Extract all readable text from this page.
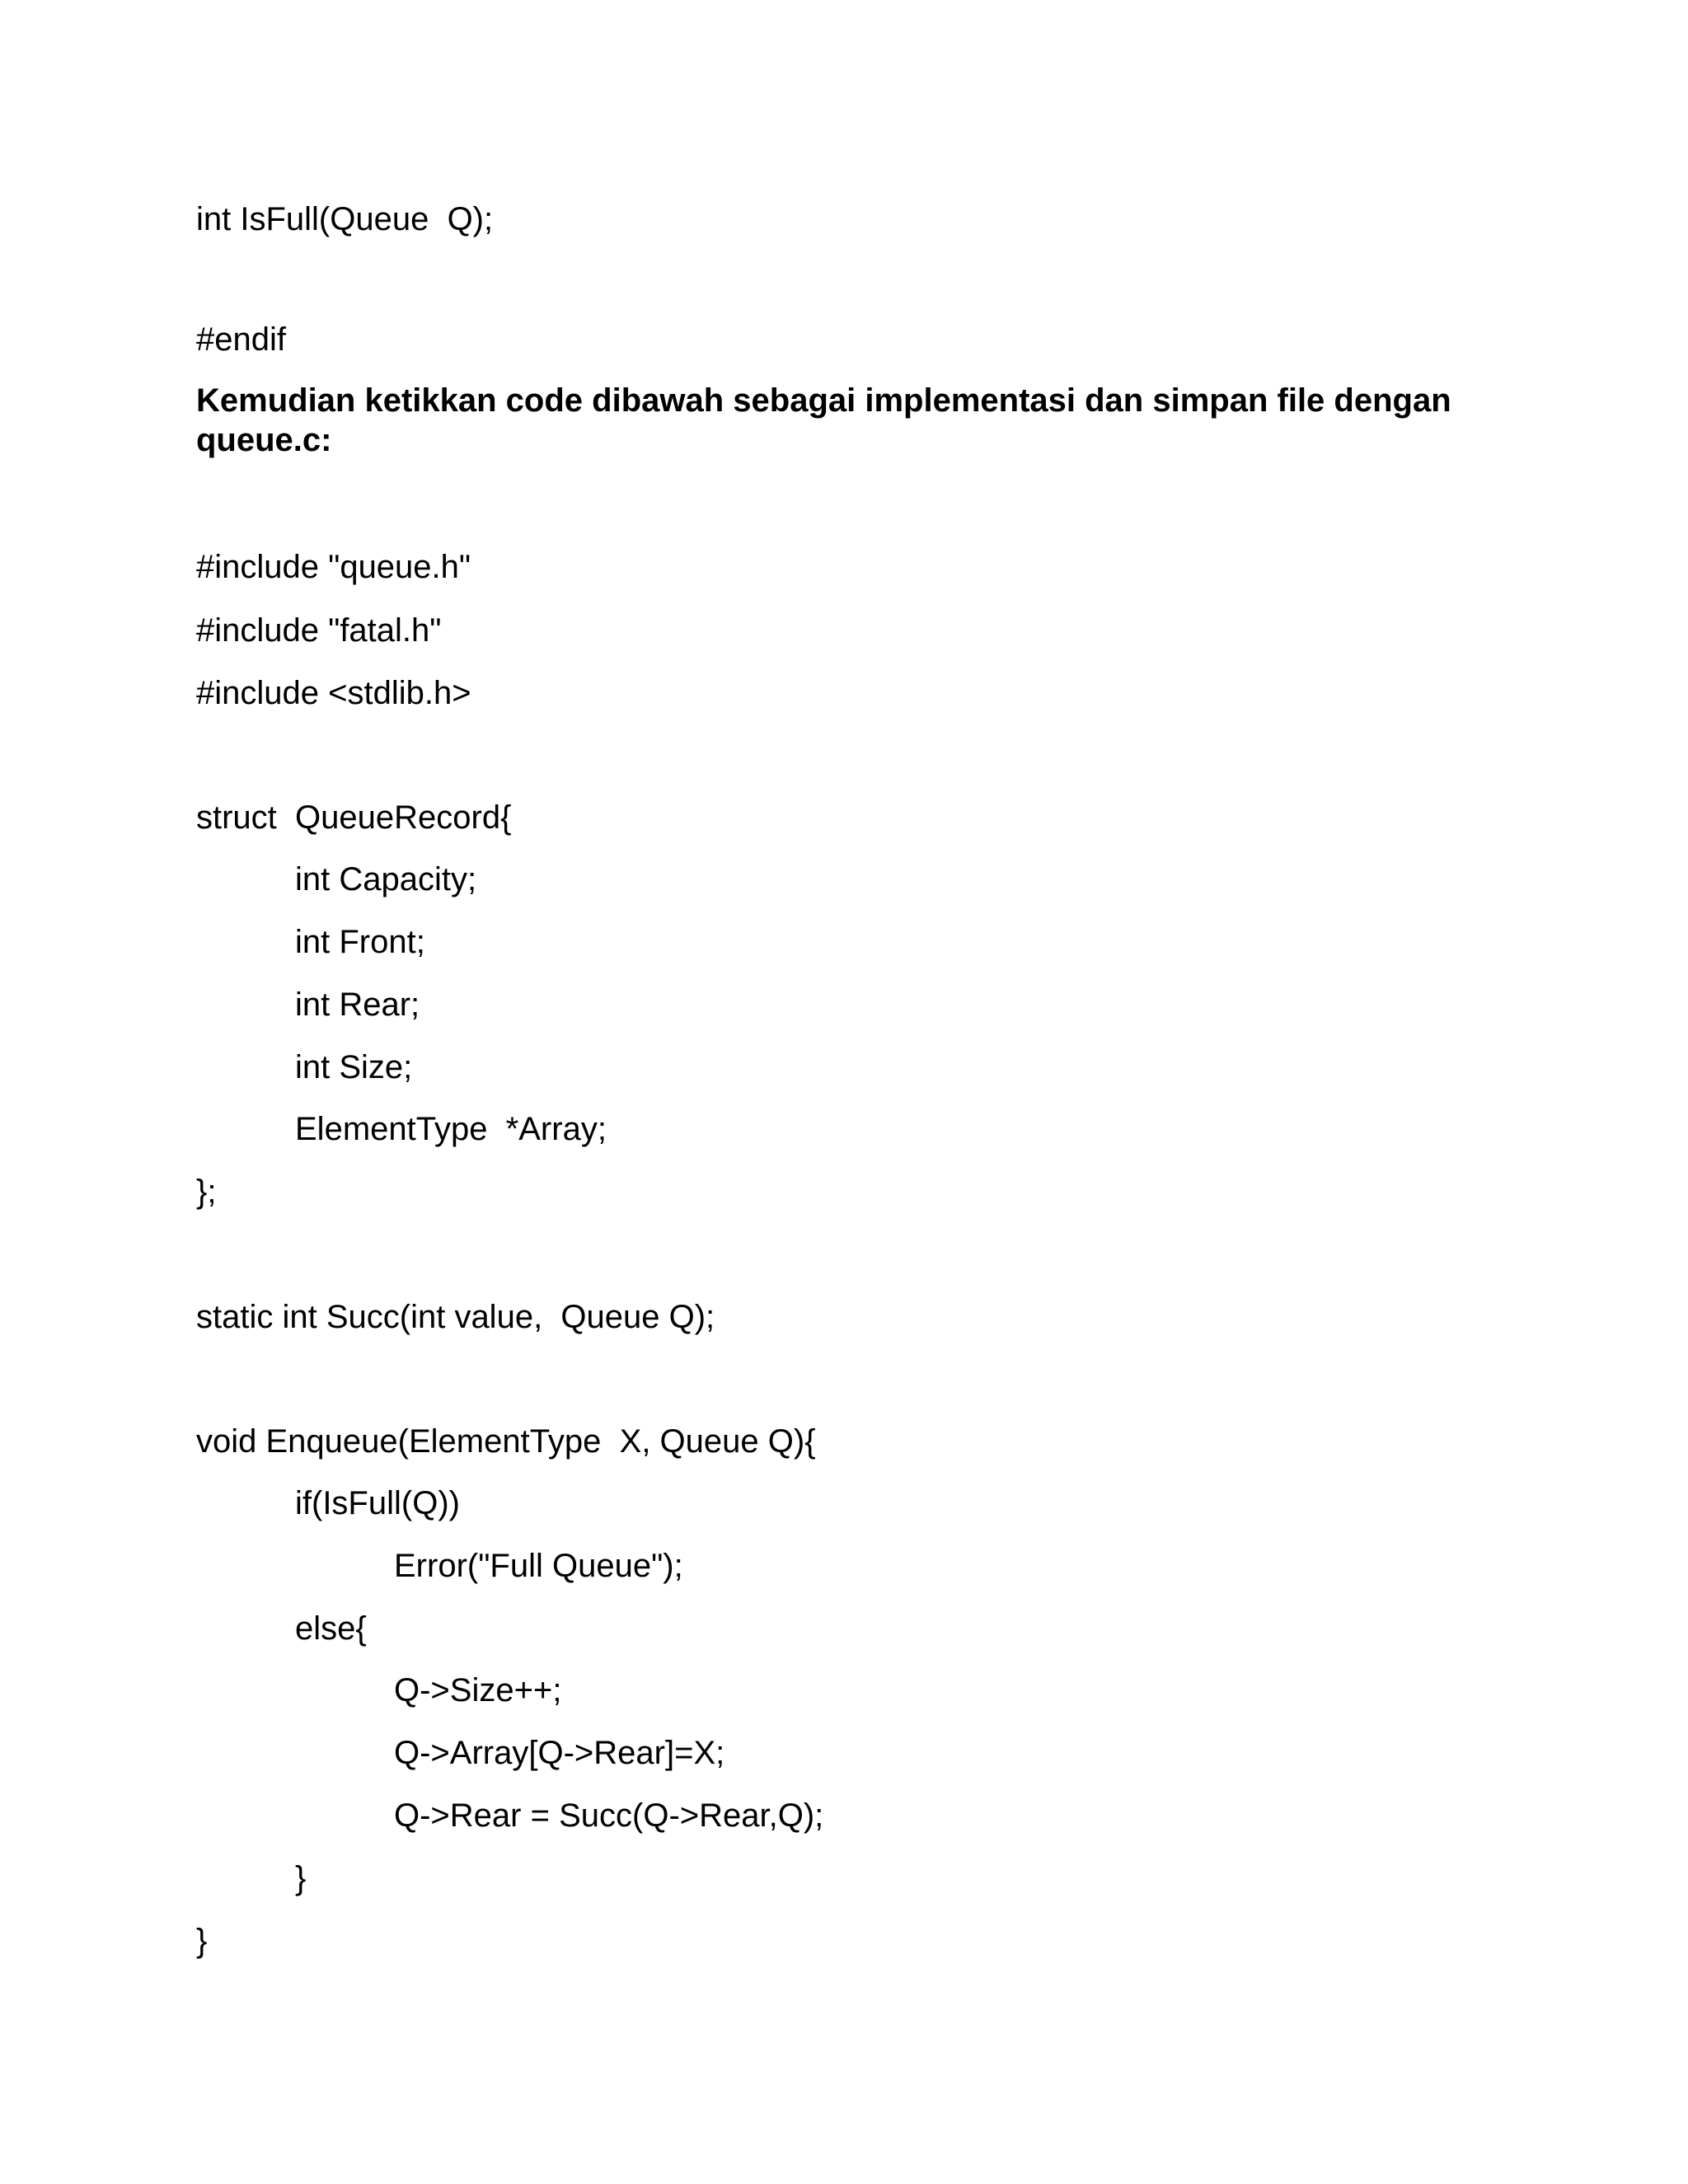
int IsFull(Queue  Q);

#endif

Kemudian ketikkan code dibawah sebagai implementasi dan simpan file dengan
queue.c:

#include "queue.h"

#include "fatal.h"

#include <stdlib.h>

struct  QueueRecord{

int Capacity;

int Front;

int Rear;

int Size;

ElementType  *Array;

};

static int Succ(int value,  Queue Q);

void Enqueue(ElementType  X, Queue Q){

if(IsFull(Q))

Error("Full Queue");

else{

Q->Size++;

Q->Array[Q->Rear]=X;

Q->Rear = Succ(Q->Rear,Q);

}

}
